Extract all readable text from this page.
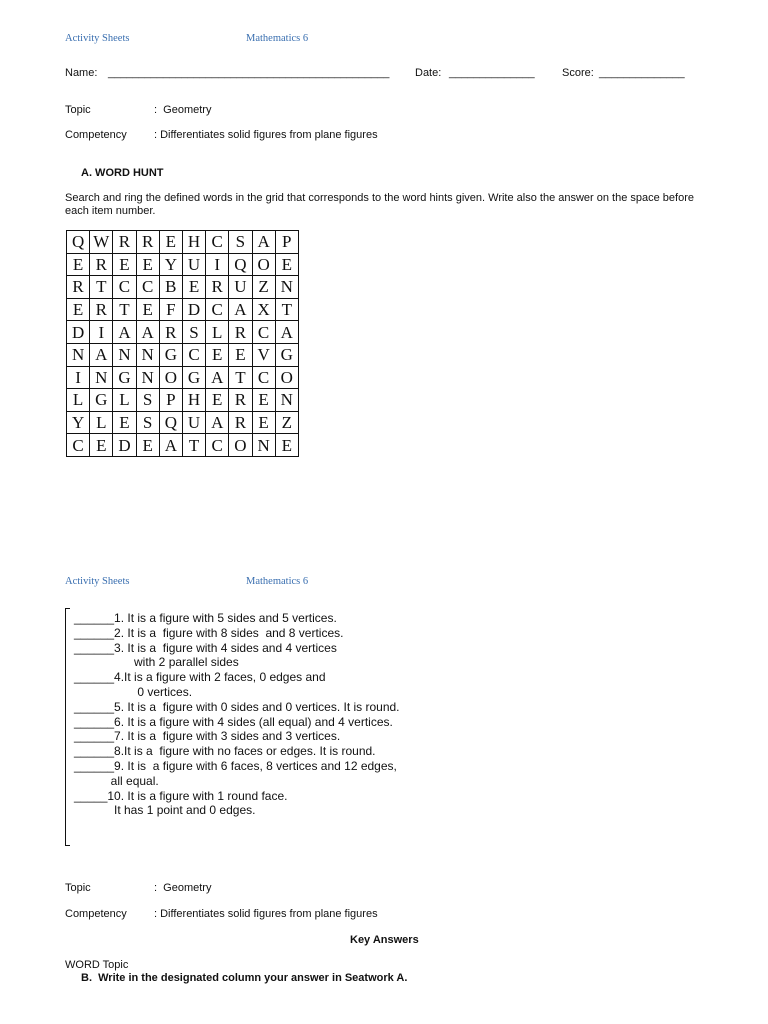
Activity Sheets	Mathematics 6
Name: ______________________________________________ Date: ______________ Score: ______________
Topic	:  Geometry
Competency : Differentiates solid figures from plane figures
A. WORD HUNT
Search and ring the defined words in the grid that corresponds to the word hints given. Write also the answer on the space before
each item number.
Q	W	R	R	E	H	C	S	A	P
E	R	E	E	Y	U	I	Q	O	E
R	T	C	C	B	E	R	U	Z	N
E	R	T	E	F	D	C	A	X	T
D	I	A	A	R	S	L	R	C	A
N	A	N	N	G	C	E	E	V	G
I	N	G	N	O	G	A	T	C	O
L	G	L	S	P	H	E	R	E	N
Y	L	E	S	Q	U	A	R	E	Z
C	E	D	E	A	T	C	O	N	E
Activity Sheets	Mathematics 6
______1. It is a figure with 5 sides and 5 vertices.
______2. It is a  figure with 8 sides  and 8 vertices.
______3. It is a  figure with 4 sides and 4 vertices
with 2 parallel sides
______4.It is a figure with 2 faces, 0 edges and
0 vertices.
______5. It is a  figure with 0 sides and 0 vertices. It is round.
______6. It is a figure with 4 sides (all equal) and 4 vertices.
______7. It is a  figure with 3 sides and 3 vertices.
______8.It is a  figure with no faces or edges. It is round.
______9. It is  a figure with 6 faces, 8 vertices and 12 edges,
all equal.
_____10. It is a figure with 1 round face.
It has 1 point and 0 edges.
Topic	:  Geometry
Competency : Differentiates solid figures from plane figures
Key Answers
WORD Topic
B.  Write in the designated column your answer in Seatwork A.
